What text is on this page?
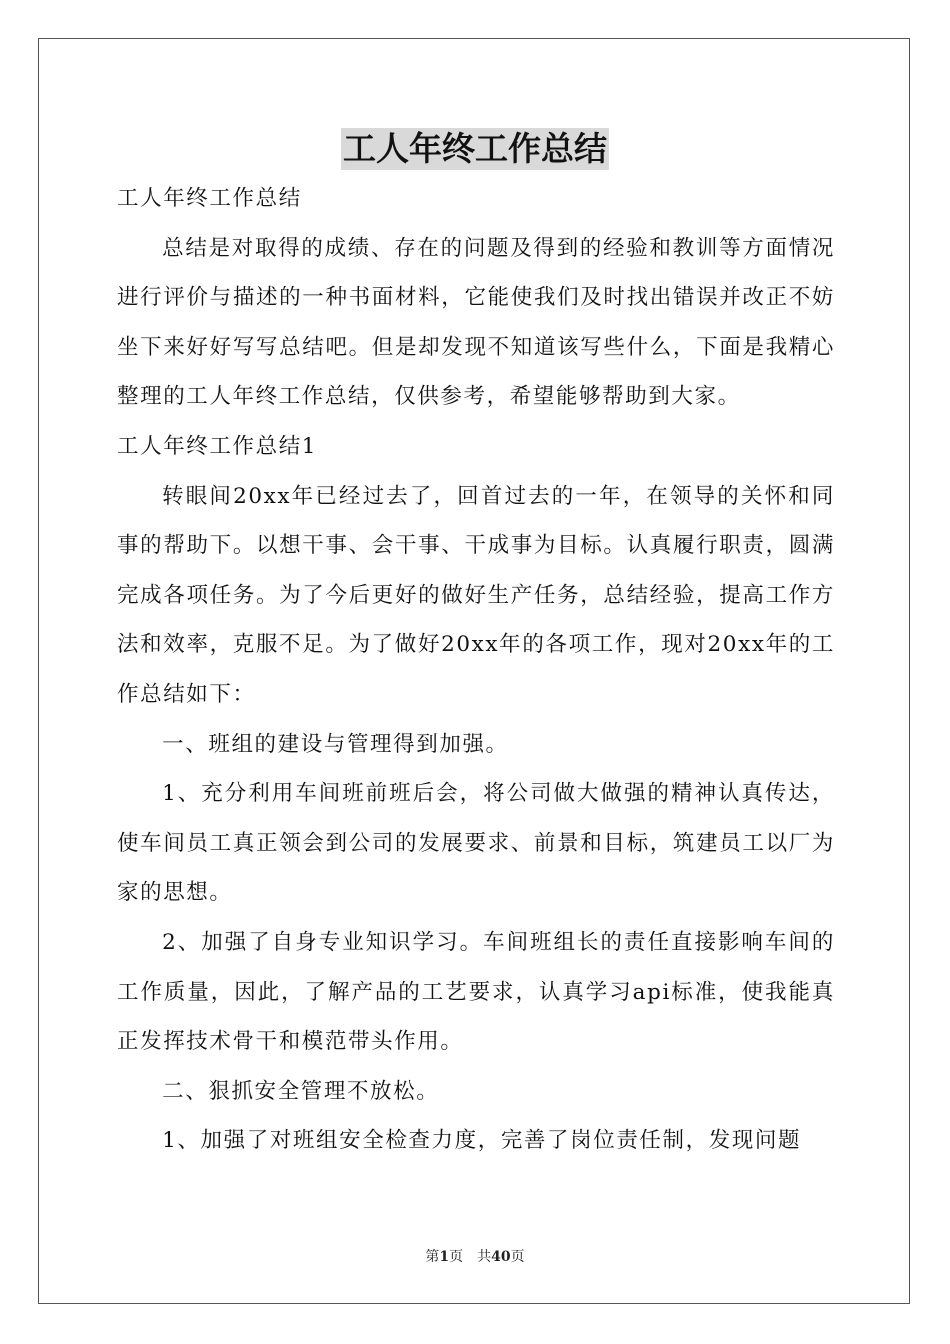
工人年终工作总结

工人年终工作总结

总结是对取得的成绩、存在的问题及得到的经验和教训等方面情况进行评价与描述的一种书面材料，它能使我们及时找出错误并改正不妨坐下来好好写写总结吧。但是却发现不知道该写些什么，下面是我精心整理的工人年终工作总结，仅供参考，希望能够帮助到大家。

工人年终工作总结1

转眼间20xx年已经过去了，回首过去的一年，在领导的关怀和同事的帮助下。以想干事、会干事、干成事为目标。认真履行职责，圆满完成各项任务。为了今后更好的做好生产任务，总结经验，提高工作方法和效率，克服不足。为了做好20xx年的各项工作，现对20xx年的工作总结如下：

一、班组的建设与管理得到加强。

1、充分利用车间班前班后会，将公司做大做强的精神认真传达，使车间员工真正领会到公司的发展要求、前景和目标，筑建员工以厂为家的思想。

2、加强了自身专业知识学习。车间班组长的责任直接影响车间的工作质量，因此，了解产品的工艺要求，认真学习api标准，使我能真正发挥技术骨干和模范带头作用。

二、狠抓安全管理不放松。

1、加强了对班组安全检查力度，完善了岗位责任制，发现问题

第1页 共40页
